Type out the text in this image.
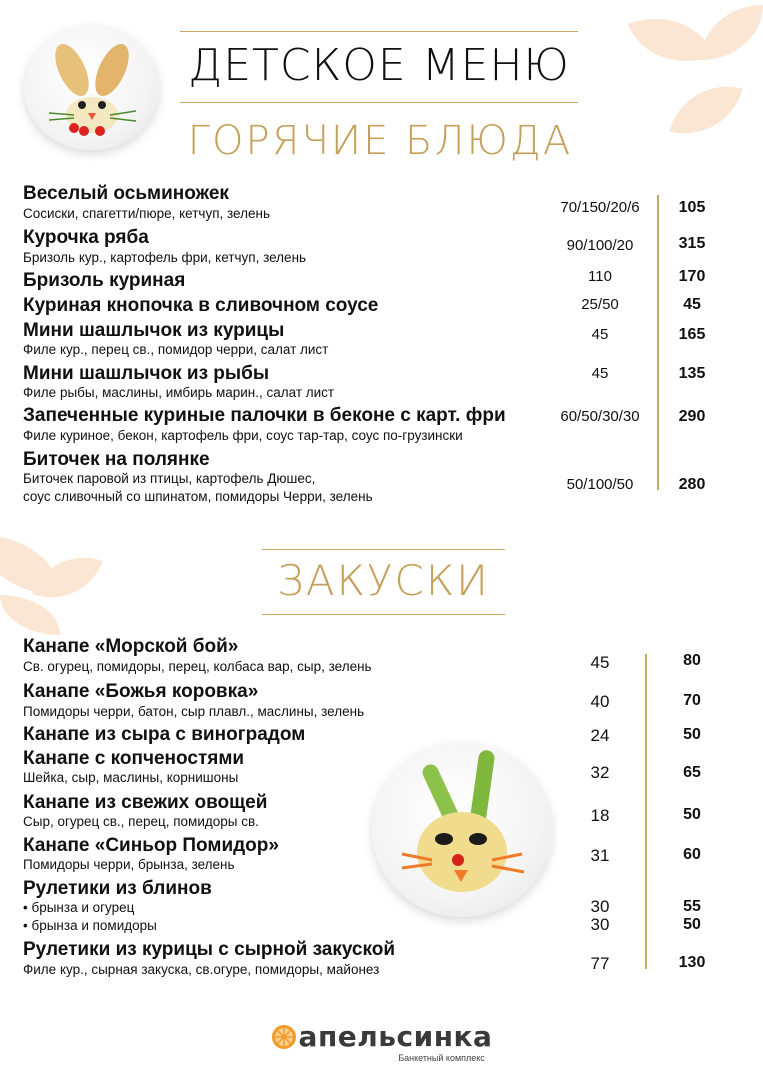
ДЕТСКОЕ МЕНЮ
ГОРЯЧИЕ БЛЮДА
Веселый осьминожек
Сосиски, спагетти/пюре, кетчуп, зелень	70/150/20/6	105
Курочка ряба
Бризоль кур., картофель фри, кетчуп, зелень
90/100/20	315
Бризоль куриная	110	170
Куриная кнопочка в сливочном соусе	25/50	45
Мини шашлычок из курицы
Филе кур., перец св., помидор черри, салат лист
45	165
Мини шашлычок из рыбы
Филе рыбы, маслины, имбирь марин., салат лист
45	135
Запеченные куриные палочки в беконе с карт. фри
Филе куриное, бекон, картофель фри, соус тар-тар, соус по-грузински
60/50/30/30	290
Биточек на полянке
Биточек паровой из птицы, картофель Дюшес,
соус сливочный со шпинатом, помидоры Черри, зелень
50/100/50	280
ЗАКУСКИ
Канапе «Морской бой»
Св. огурец, помидоры, перец, колбаса вар, сыр, зелень	45	80
Канапе «Божья коровка»
Помидоры черри, батон, сыр плавл., маслины, зелень
40	70
Канапе из сыра с виноградом	24	50
Канапе с копченостями
Шейка, сыр, маслины, корнишоны	32	65
Канапе из свежих овощей
Сыр, огурец св., перец, помидоры св.	18	50
Канапе «Синьор Помидор»
Помидоры черри, брынза, зелень	31	60
Рулетики из блинов
• брынза и огурец	30	55
• брынза и помидоры	30	50
Рулетики из курицы с сырной закуской
Филе кур., сырная закуска, св.огуре, помидоры, майонез	77	130
апельсинка
Банкетный комплекс
